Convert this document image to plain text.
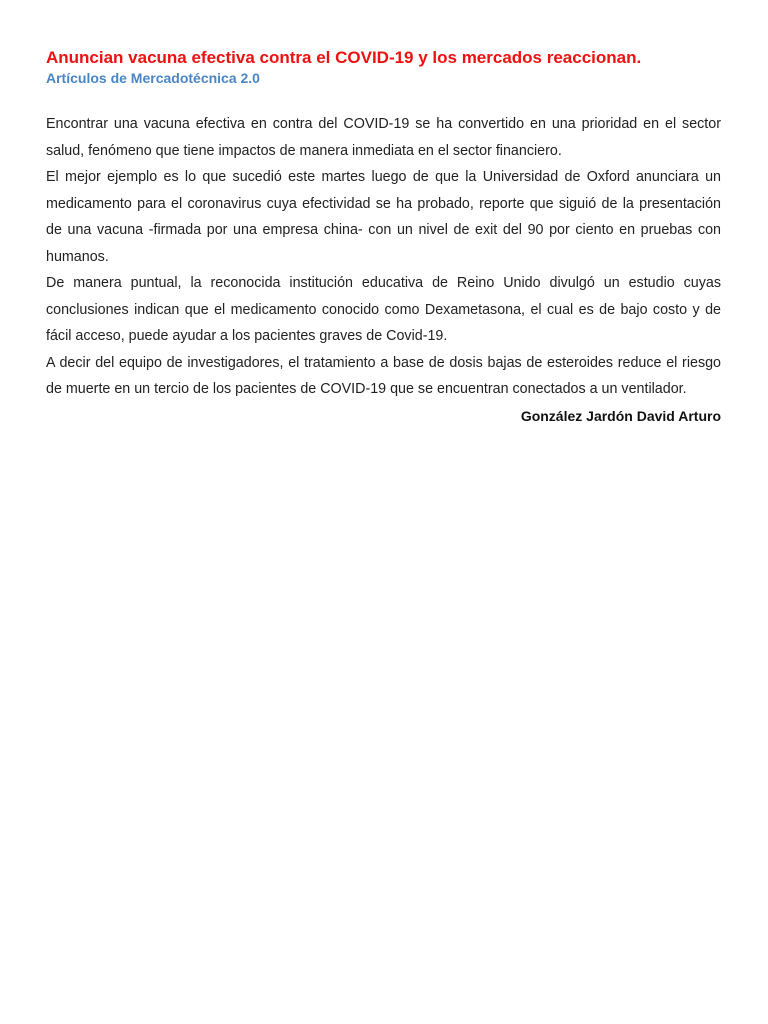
Anuncian vacuna efectiva contra el COVID-19 y los mercados reaccionan.
Artículos de Mercadotécnica 2.0

Encontrar una vacuna efectiva en contra del COVID-19 se ha convertido en una prioridad en el sector salud, fenómeno que tiene impactos de manera inmediata en el sector financiero.

El mejor ejemplo es lo que sucedió este martes luego de que la Universidad de Oxford anunciara un medicamento para el coronavirus cuya efectividad se ha probado, reporte que siguió de la presentación de una vacuna -firmada por una empresa china- con un nivel de exit del 90 por ciento en pruebas con humanos.

De manera puntual, la reconocida institución educativa de Reino Unido divulgó un estudio cuyas conclusiones indican que el medicamento conocido como Dexametasona, el cual es de bajo costo y de fácil acceso, puede ayudar a los pacientes graves de Covid-19.

A decir del equipo de investigadores, el tratamiento a base de dosis bajas de esteroides reduce el riesgo de muerte en un tercio de los pacientes de COVID-19 que se encuentran conectados a un ventilador.

González Jardón David Arturo
